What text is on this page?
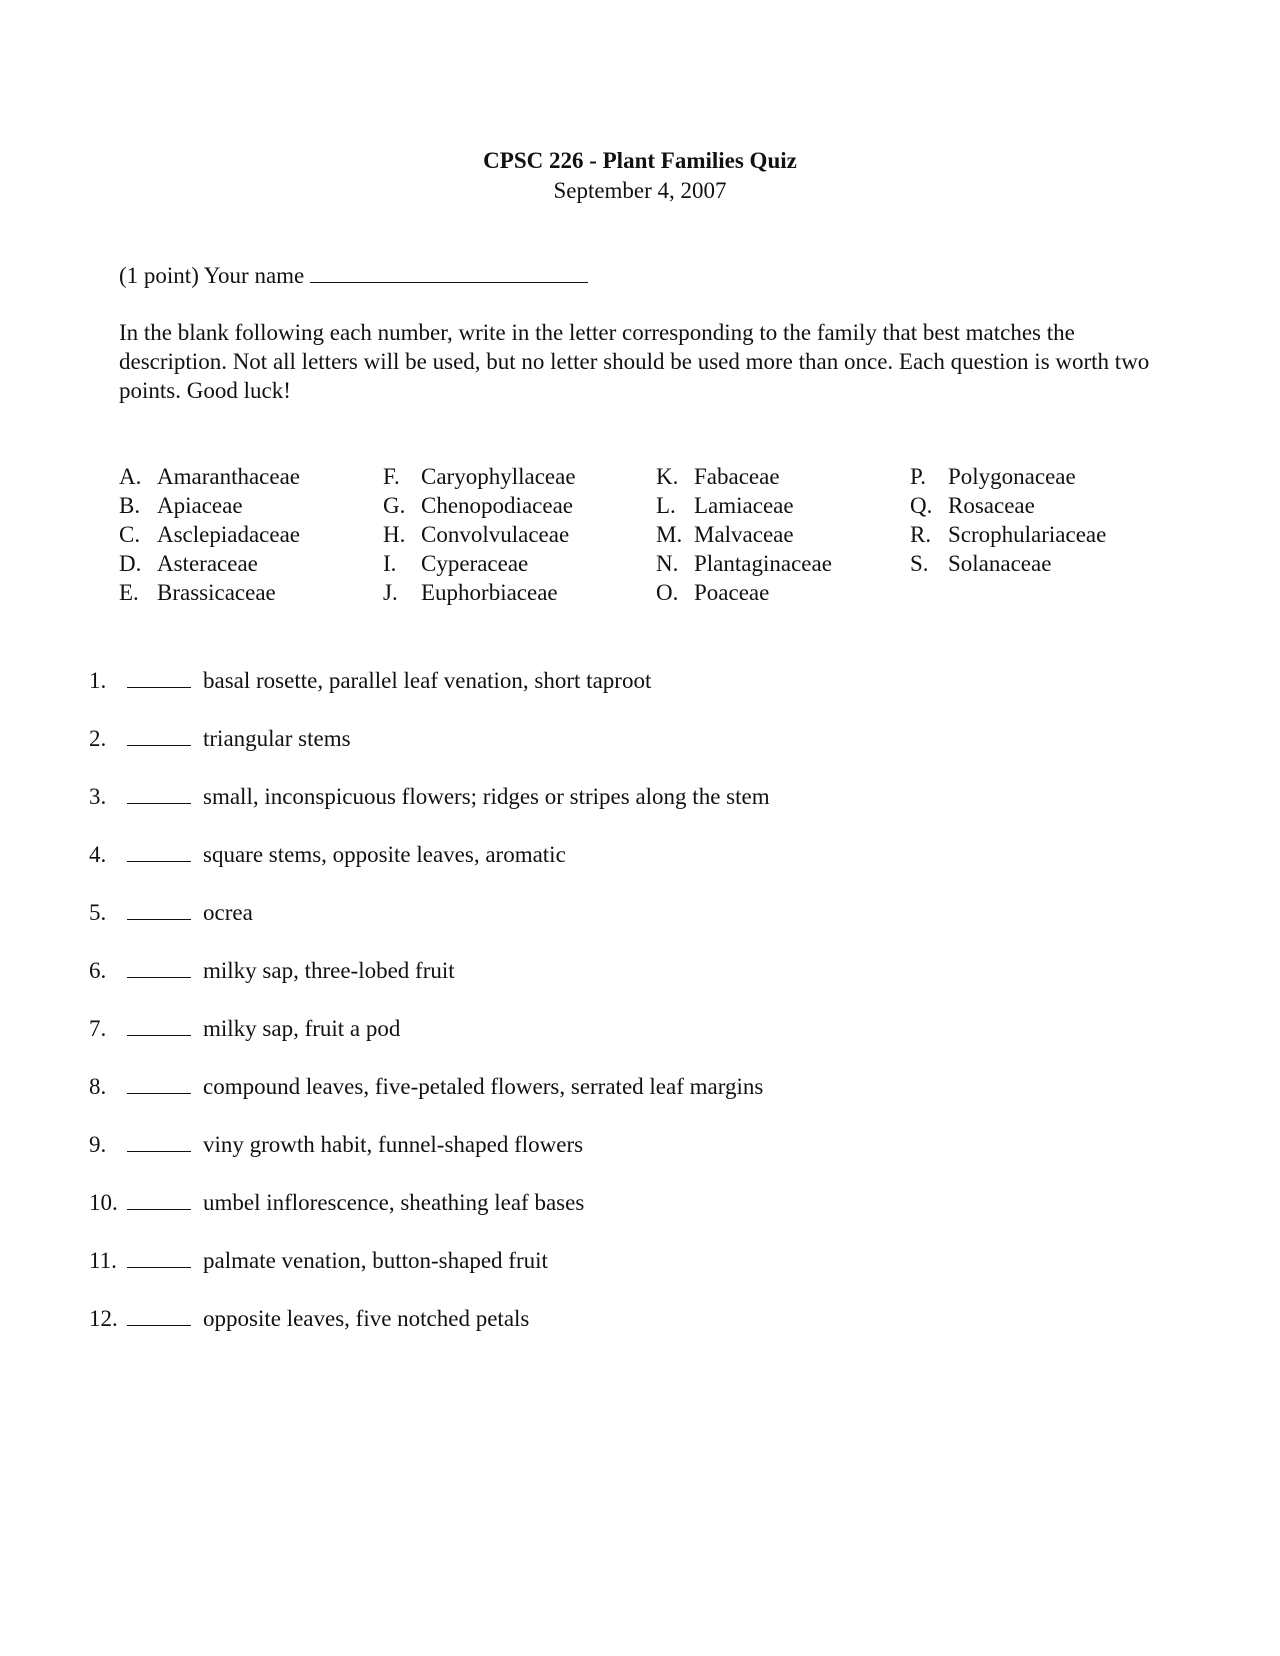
CPSC 226 - Plant Families Quiz
September 4, 2007
(1 point) Your name
In the blank following each number, write in the letter corresponding to the family that best matches the description. Not all letters will be used, but no letter should be used more than once. Each question is worth two points. Good luck!
A. Amaranthaceae
B. Apiaceae
C. Asclepiadaceae
D. Asteraceae
E. Brassicaceae
F. Caryophyllaceae
G. Chenopodiaceae
H. Convolvulaceae
I. Cyperaceae
J. Euphorbiaceae
K. Fabaceae
L. Lamiaceae
M. Malvaceae
N. Plantaginaceae
O. Poaceae
P. Polygonaceae
Q. Rosaceae
R. Scrophulariaceae
S. Solanaceae
1.	basal rosette, parallel leaf venation, short taproot
2.	triangular stems
3.	small, inconspicuous flowers; ridges or stripes along the stem
4.	square stems, opposite leaves, aromatic
5.	ocrea
6.	milky sap, three-lobed fruit
7.	milky sap, fruit a pod
8.	compound leaves, five-petaled flowers, serrated leaf margins
9.	viny growth habit, funnel-shaped flowers
10.	umbel inflorescence, sheathing leaf bases
11.	palmate venation, button-shaped fruit
12.	opposite leaves, five notched petals
